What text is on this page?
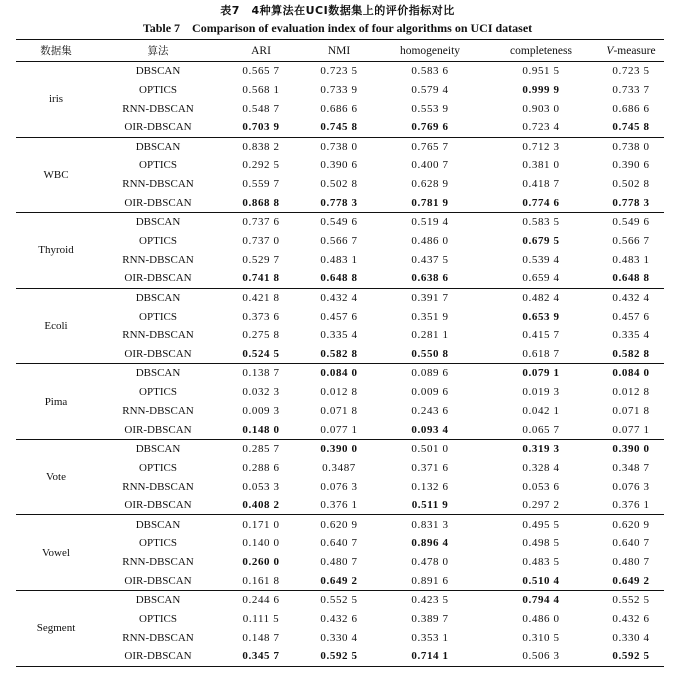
表7　4种算法在UCI数据集上的评价指标对比
Table 7　Comparison of evaluation index of four algorithms on UCI dataset
数据集	算法	ARI	NMI	homogeneity	completeness	V-measure
iris	DBSCAN	0.565 7	0.723 5	0.583 6	0.951 5	0.723 5
	OPTICS	0.568 1	0.733 9	0.579 4	0.999 9	0.733 7
	RNN-DBSCAN	0.548 7	0.686 6	0.553 9	0.903 0	0.686 6
	OIR-DBSCAN	0.703 9	0.745 8	0.769 6	0.723 4	0.745 8
WBC	DBSCAN	0.838 2	0.738 0	0.765 7	0.712 3	0.738 0
	OPTICS	0.292 5	0.390 6	0.400 7	0.381 0	0.390 6
	RNN-DBSCAN	0.559 7	0.502 8	0.628 9	0.418 7	0.502 8
	OIR-DBSCAN	0.868 8	0.778 3	0.781 9	0.774 6	0.778 3
Thyroid	DBSCAN	0.737 6	0.549 6	0.519 4	0.583 5	0.549 6
	OPTICS	0.737 0	0.566 7	0.486 0	0.679 5	0.566 7
	RNN-DBSCAN	0.529 7	0.483 1	0.437 5	0.539 4	0.483 1
	OIR-DBSCAN	0.741 8	0.648 8	0.638 6	0.659 4	0.648 8
Ecoli	DBSCAN	0.421 8	0.432 4	0.391 7	0.482 4	0.432 4
	OPTICS	0.373 6	0.457 6	0.351 9	0.653 9	0.457 6
	RNN-DBSCAN	0.275 8	0.335 4	0.281 1	0.415 7	0.335 4
	OIR-DBSCAN	0.524 5	0.582 8	0.550 8	0.618 7	0.582 8
Pima	DBSCAN	0.138 7	0.084 0	0.089 6	0.079 1	0.084 0
	OPTICS	0.032 3	0.012 8	0.009 6	0.019 3	0.012 8
	RNN-DBSCAN	0.009 3	0.071 8	0.243 6	0.042 1	0.071 8
	OIR-DBSCAN	0.148 0	0.077 1	0.093 4	0.065 7	0.077 1
Vote	DBSCAN	0.285 7	0.390 0	0.501 0	0.319 3	0.390 0
	OPTICS	0.288 6	0.3487	0.371 6	0.328 4	0.348 7
	RNN-DBSCAN	0.053 3	0.076 3	0.132 6	0.053 6	0.076 3
	OIR-DBSCAN	0.408 2	0.376 1	0.511 9	0.297 2	0.376 1
Vowel	DBSCAN	0.171 0	0.620 9	0.831 3	0.495 5	0.620 9
	OPTICS	0.140 0	0.640 7	0.896 4	0.498 5	0.640 7
	RNN-DBSCAN	0.260 0	0.480 7	0.478 0	0.483 5	0.480 7
	OIR-DBSCAN	0.161 8	0.649 2	0.891 6	0.510 4	0.649 2
Segment	DBSCAN	0.244 6	0.552 5	0.423 5	0.794 4	0.552 5
	OPTICS	0.111 5	0.432 6	0.389 7	0.486 0	0.432 6
	RNN-DBSCAN	0.148 7	0.330 4	0.353 1	0.310 5	0.330 4
	OIR-DBSCAN	0.345 7	0.592 5	0.714 1	0.506 3	0.592 5
